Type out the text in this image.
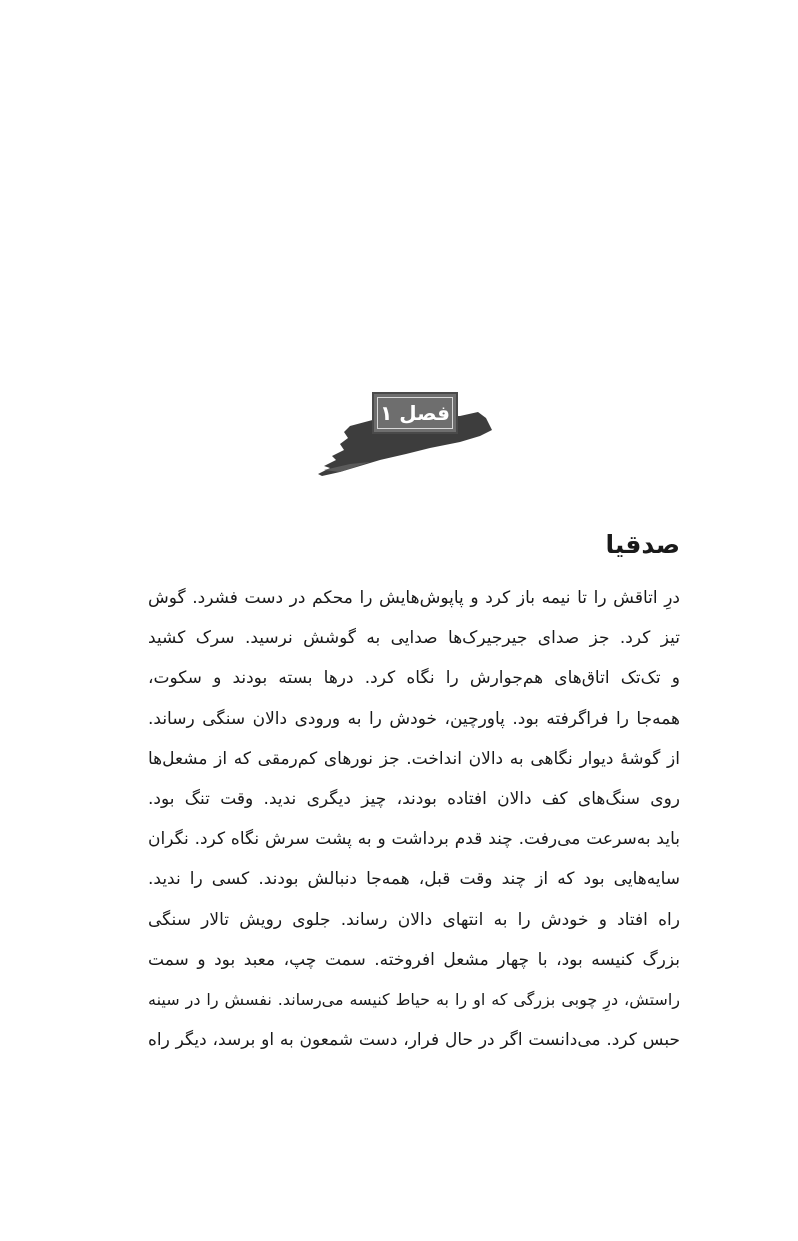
فصل ۱
صدقیا
درِ اتاقش را تا نیمه باز کرد و پاپوش‌هایش را محکم در دست فشرد. گوش
تیز کرد. جز صدای جیرجیرک‌ها صدایی به گوشش نرسید. سرک کشید
و تک‌تک اتاق‌های هم‌جوارش را نگاه کرد. درها بسته بودند و سکوت،
همه‌جا را فراگرفته بود. پاورچین، خودش را به ورودی دالان سنگی رساند.
از گوشهٔ دیوار نگاهی به دالان انداخت. جز نورهای کم‌رمقی که از مشعل‌ها
روی سنگ‌های کف دالان افتاده بودند، چیز دیگری ندید. وقت تنگ بود.
باید به‌سرعت می‌رفت. چند قدم برداشت و به پشت سرش نگاه کرد. نگران
سایه‌هایی بود که از چند وقت قبل، همه‌جا دنبالش بودند. کسی را ندید.
راه افتاد و خودش را به انتهای دالان رساند. جلوی رویش تالار سنگی
بزرگ کنیسه بود، با چهار مشعل افروخته. سمت چپ، معبد بود و سمت
راستش، درِ چوبی بزرگی که او را به حیاط کنیسه می‌رساند. نفسش را در سینه
حبس کرد. می‌دانست اگر در حال فرار، دست شمعون به او برسد، دیگر راه
